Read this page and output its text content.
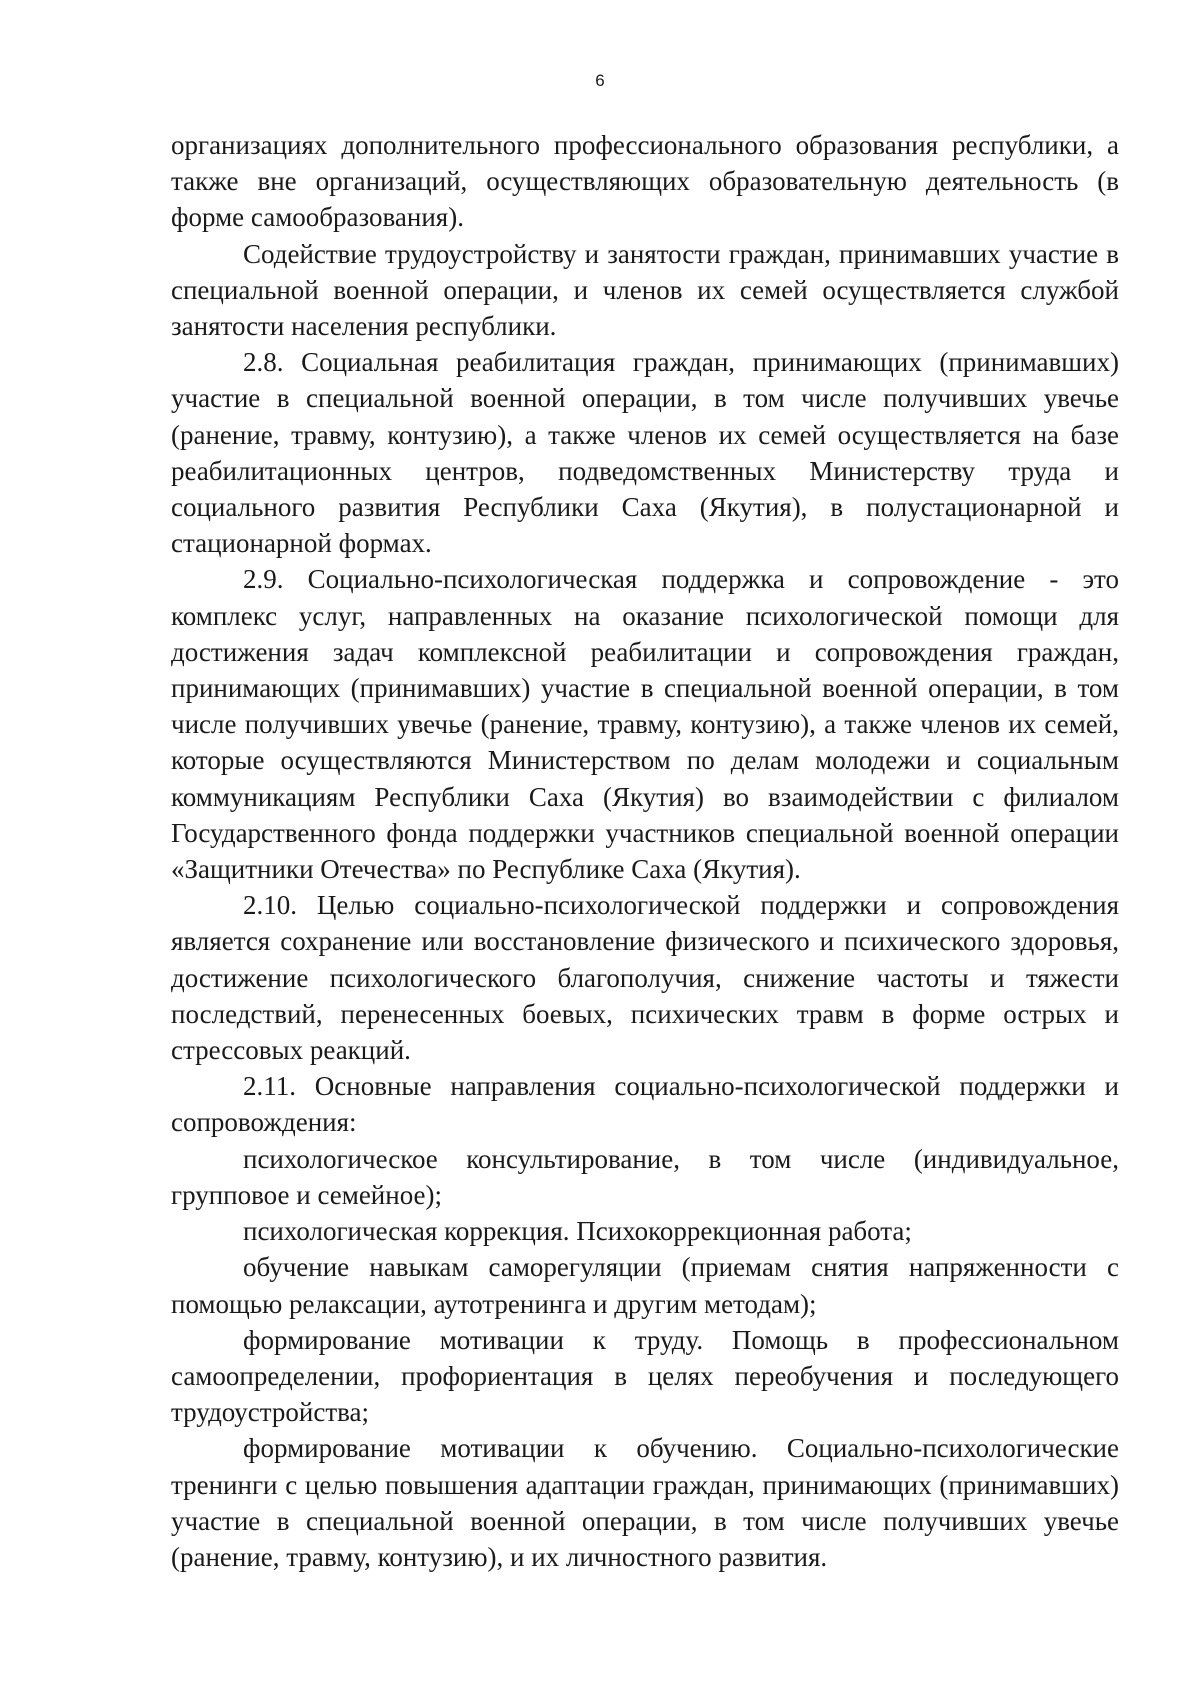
6

организациях дополнительного профессионального образования республики, а также вне организаций, осуществляющих образовательную деятельность (в форме самообразования).

Содействие трудоустройству и занятости граждан, принимавших участие в специальной военной операции, и членов их семей осуществляется службой занятости населения республики.

2.8. Социальная реабилитация граждан, принимающих (принимавших) участие в специальной военной операции, в том числе получивших увечье (ранение, травму, контузию), а также членов их семей осуществляется на базе реабилитационных центров, подведомственных Министерству труда и социального развития Республики Саха (Якутия), в полустационарной и стационарной формах.

2.9. Социально-психологическая поддержка и сопровождение - это комплекс услуг, направленных на оказание психологической помощи для достижения задач комплексной реабилитации и сопровождения граждан, принимающих (принимавших) участие в специальной военной операции, в том числе получивших увечье (ранение, травму, контузию), а также членов их семей, которые осуществляются Министерством по делам молодежи и социальным коммуникациям Республики Саха (Якутия) во взаимодействии с филиалом Государственного фонда поддержки участников специальной военной операции «Защитники Отечества» по Республике Саха (Якутия).

2.10. Целью социально-психологической поддержки и сопровождения является сохранение или восстановление физического и психического здоровья, достижение психологического благополучия, снижение частоты и тяжести последствий, перенесенных боевых, психических травм в форме острых и стрессовых реакций.

2.11. Основные направления социально-психологической поддержки и сопровождения:

психологическое консультирование, в том числе (индивидуальное, групповое и семейное);

психологическая коррекция. Психокоррекционная работа;

обучение навыкам саморегуляции (приемам снятия напряженности с помощью релаксации, аутотренинга и другим методам);

формирование мотивации к труду. Помощь в профессиональном самоопределении, профориентация в целях переобучения и последующего трудоустройства;

формирование мотивации к обучению. Социально-психологические тренинги с целью повышения адаптации граждан, принимающих (принимавших) участие в специальной военной операции, в том числе получивших увечье (ранение, травму, контузию), и их личностного развития.
